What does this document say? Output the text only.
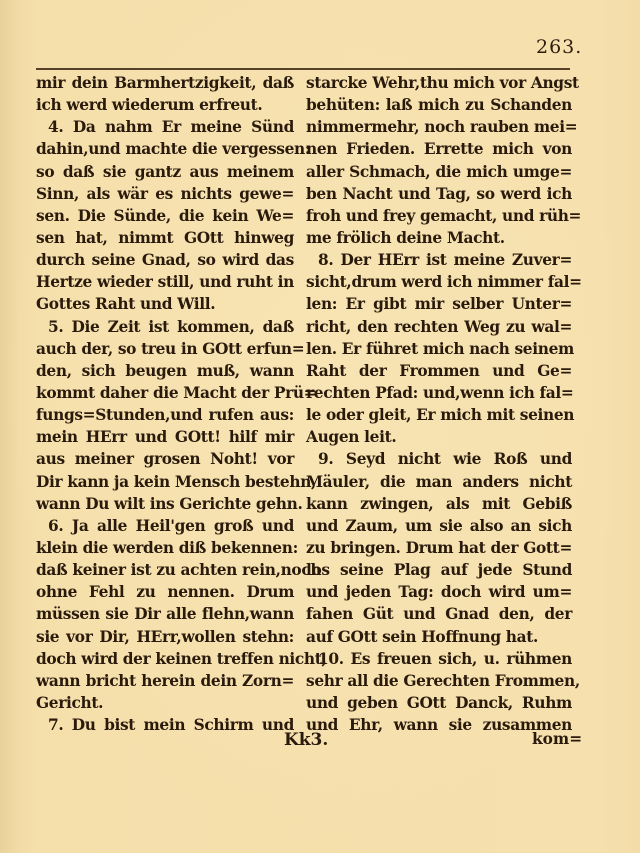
263.
mir dein Barmhertzigkeit, daß
ich werd wiederum erfreut.
4. Da nahm Er meine Sünd
dahin,und machte die vergessen:
so daß sie gantz aus meinem
Sinn, als wär es nichts gewe=
sen. Die Sünde, die kein We=
sen hat, nimmt GOtt hinweg
durch seine Gnad, so wird das
Hertze wieder still, und ruht in
Gottes Raht und Will.
5. Die Zeit ist kommen, daß
auch der, so treu in GOtt erfun=
den, sich beugen muß, wann
kommt daher die Macht der Prü=
fungs=Stunden,und rufen aus:
mein HErr und GOtt! hilf mir
aus meiner grosen Noht! vor
Dir kann ja kein Mensch bestehn,
wann Du wilt ins Gerichte gehn.
6. Ja alle Heil'gen groß und
klein die werden diß bekennen:
daß keiner ist zu achten rein,noch
ohne Fehl zu nennen. Drum
müssen sie Dir alle flehn,wann
sie vor Dir, HErr,wollen stehn:
doch wird der keinen treffen nicht,
wann bricht herein dein Zorn=
Gericht.
7. Du bist mein Schirm und
starcke Wehr,thu mich vor Angst
behüten: laß mich zu Schanden
nimmermehr, noch rauben mei=
nen Frieden. Errette mich von
aller Schmach, die mich umge=
ben Nacht und Tag, so werd ich
froh und frey gemacht, und rüh=
me frölich deine Macht.
8. Der HErr ist meine Zuver=
sicht,drum werd ich nimmer fal=
len: Er gibt mir selber Unter=
richt, den rechten Weg zu wal=
len. Er führet mich nach seinem
Raht der Frommen und Ge=
rechten Pfad: und,wenn ich fal=
le oder gleit, Er mich mit seinen
Augen leit.
9. Seyd nicht wie Roß und
Mäuler, die man anders nicht
kann zwingen, als mit Gebiß
und Zaum, um sie also an sich
zu bringen. Drum hat der Gott=
los seine Plag auf jede Stund
und jeden Tag: doch wird um=
fahen Güt und Gnad den, der
auf GOtt sein Hoffnung hat.
10. Es freuen sich, u. rühmen
sehr all die Gerechten Frommen,
und geben GOtt Danck, Ruhm
und Ehr, wann sie zusammen
Kk3.	kom=
